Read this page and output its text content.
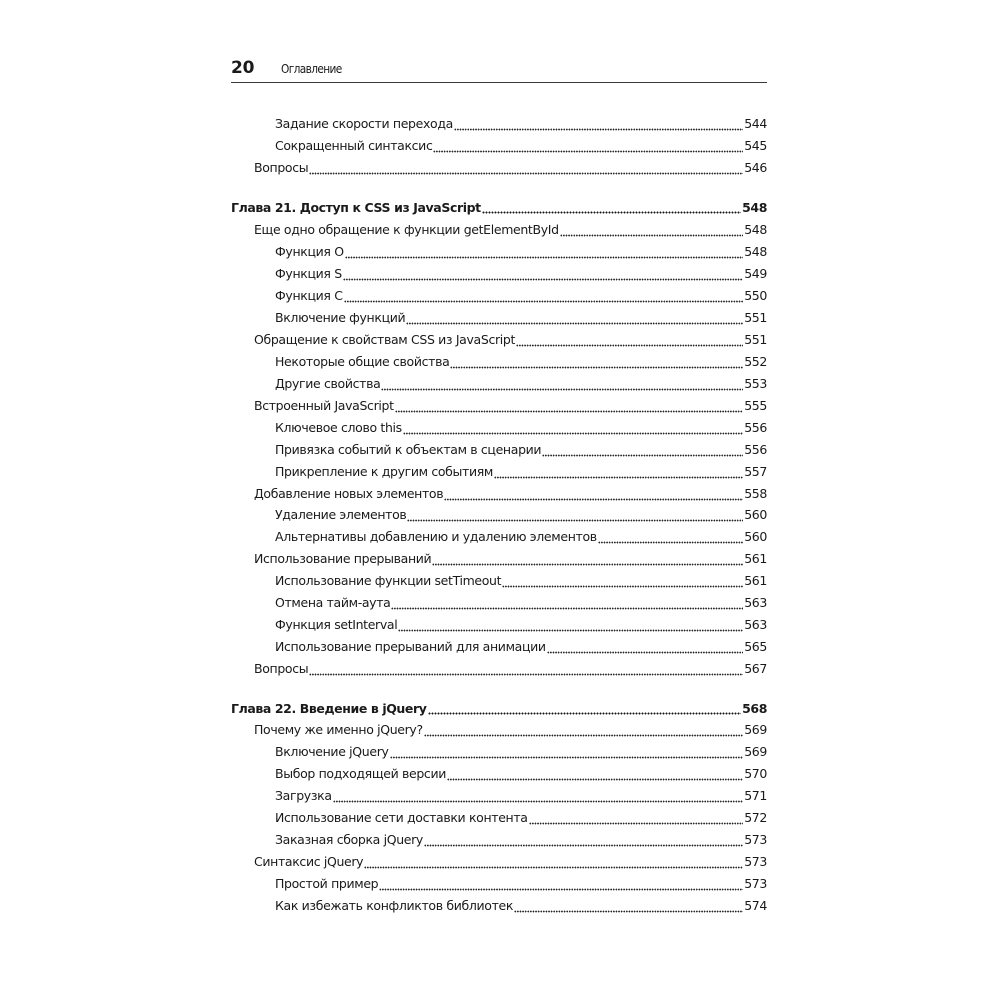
20 Оглавление
Задание скорости перехода	544
Сокращенный синтаксис	545
Вопросы	546
Глава 21. Доступ к CSS из JavaScript	548
Еще одно обращение к функции getElementById	548
Функция O	548
Функция S	549
Функция C	550
Включение функций	551
Обращение к свойствам CSS из JavaScript	551
Некоторые общие свойства	552
Другие свойства	553
Встроенный JavaScript	555
Ключевое слово this	556
Привязка событий к объектам в сценарии	556
Прикрепление к другим событиям	557
Добавление новых элементов	558
Удаление элементов	560
Альтернативы добавлению и удалению элементов	560
Использование прерываний	561
Использование функции setTimeout	561
Отмена тайм-аута	563
Функция setInterval	563
Использование прерываний для анимации	565
Вопросы	567
Глава 22. Введение в jQuery	568
Почему же именно jQuery?	569
Включение jQuery	569
Выбор подходящей версии	570
Загрузка	571
Использование сети доставки контента	572
Заказная сборка jQuery	573
Синтаксис jQuery	573
Простой пример	573
Как избежать конфликтов библиотек	574
